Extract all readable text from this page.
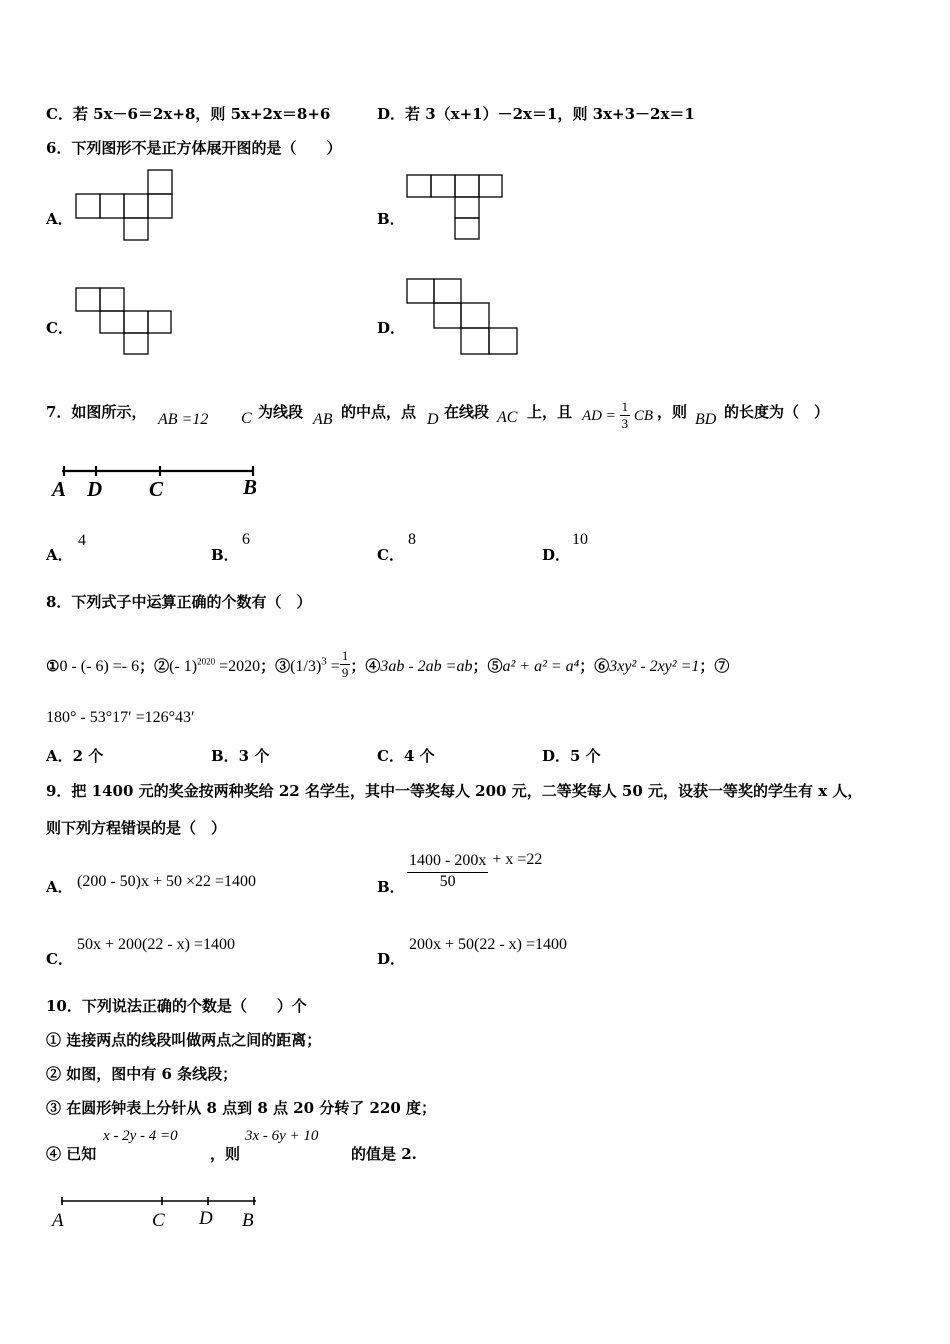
C．若 5x－6＝2x+8，则 5x+2x＝8+6	D．若 3（x+1）－2x＝1，则 3x+3－2x＝1
6．下列图形不是正方体展开图的是（　　）
A．	B．
C．	D．
7．如图所示， AB =12 C 为线段 AB 的中点，点 D 在线段 AC 上，且 AD = $\frac{1}{3}$ CB ，则 BD 的长度为（　）
A D C	B
A．
4
B．
6
C．
8
D．
10
8．下列式子中运算正确的个数有（　）
①0 - (- 6) =- 6；②(- 1)$^{2020}$ =2020；$③(1/3)^3 = \frac{1}{9}$ ；④3ab - 2ab =ab；⑤a² + a² = a⁴；⑥3xy² - 2xy² =1；⑦
180° - 53°17′ =126°43′
A．2 个	B．3 个	C．4 个	D．5 个
9．把 1400 元的奖金按两种奖给 22 名学生，其中一等奖每人 200 元，二等奖每人 50 元，设获一等奖的学生有 x 人，
则下列方程错误的是（　）
A． (200 - 50)x + 50 ×22 =1400	B． $\frac{1400 - 200x}{50} + x =22$
C．
50x + 200(22 - x) =1400
D．
200x + 50(22 - x) =1400
10．下列说法正确的个数是（　　）个
① 连接两点的线段叫做两点之间的距离；
② 如图，图中有 6 条线段；
③ 在圆形钟表上分针从 8 点到 8 点 20 分转了 220 度；
④ 已知
x - 2y - 4 =0
，则
3x - 6y + 10
的值是 2.
A	C D B
